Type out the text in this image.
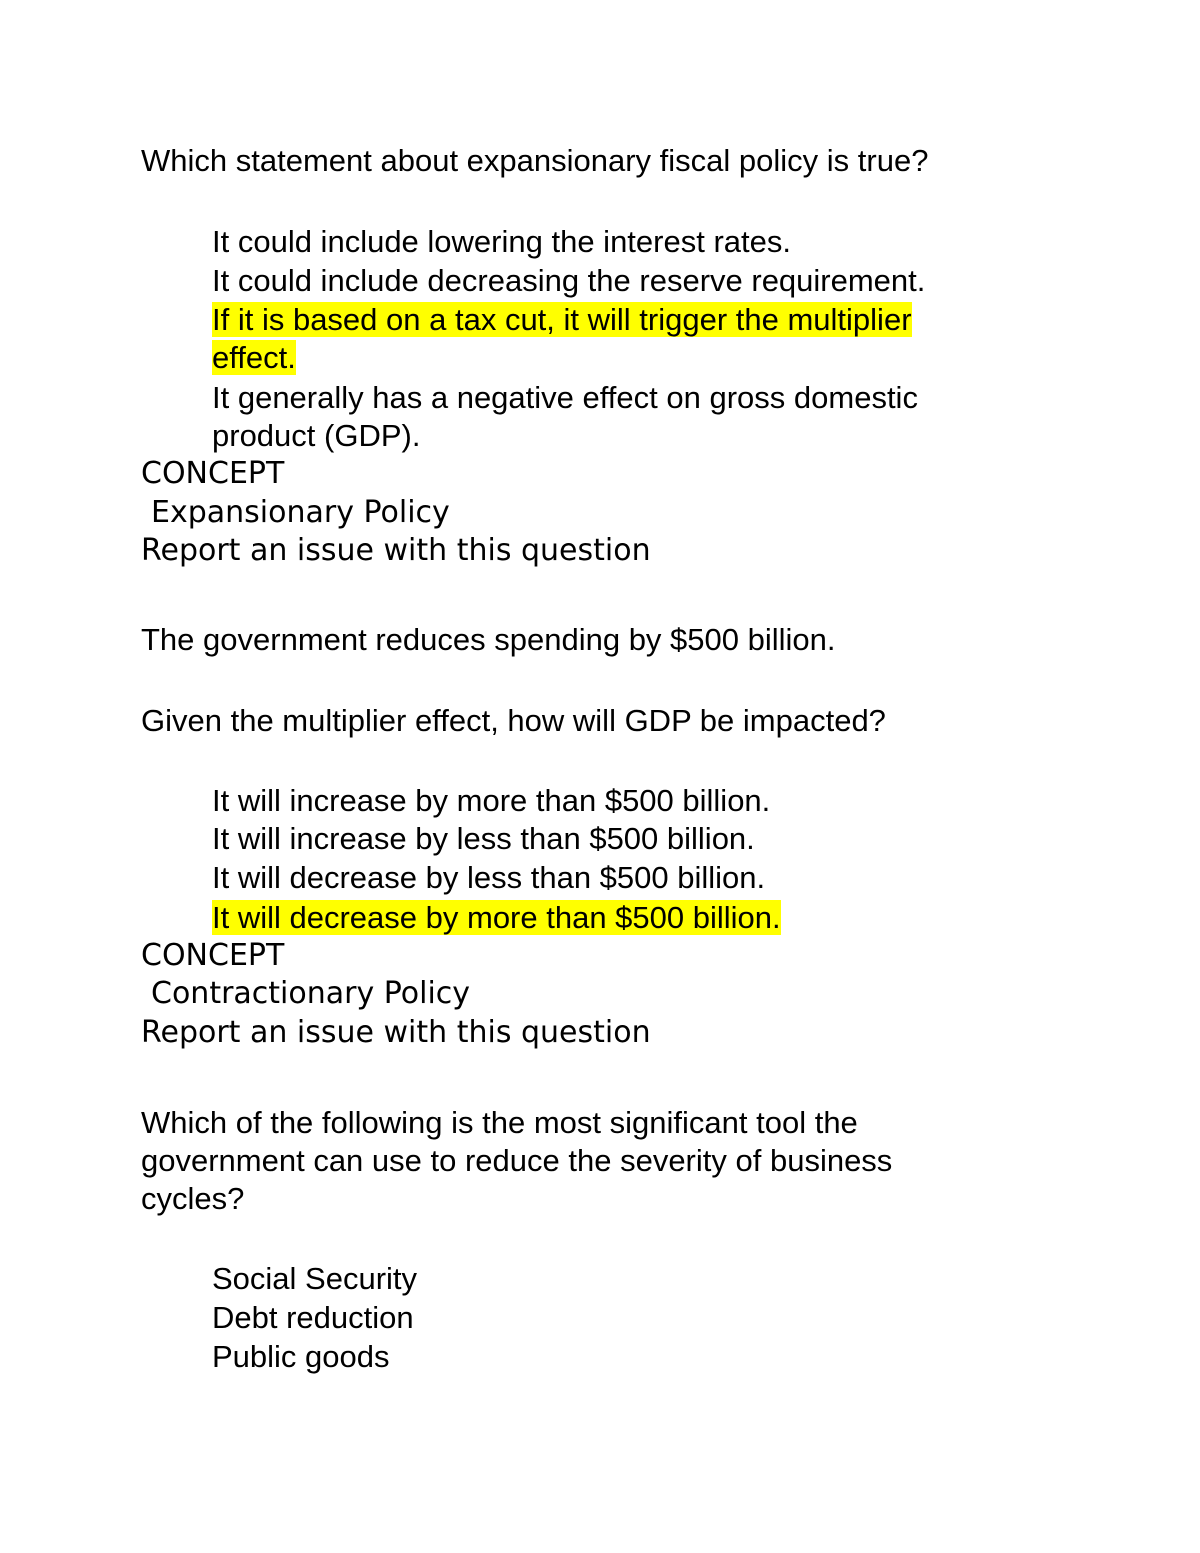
Which statement about expansionary fiscal policy is true?
It could include lowering the interest rates.
It could include decreasing the reserve requirement.
If it is based on a tax cut, it will trigger the multiplier
effect.
It generally has a negative effect on gross domestic
product (GDP).
CONCEPT
Expansionary Policy
Report an issue with this question
The government reduces spending by $500 billion.
Given the multiplier effect, how will GDP be impacted?
It will increase by more than $500 billion.
It will increase by less than $500 billion.
It will decrease by less than $500 billion.
It will decrease by more than $500 billion.
CONCEPT
Contractionary Policy
Report an issue with this question
Which of the following is the most significant tool the
government can use to reduce the severity of business
cycles?
Social Security
Debt reduction
Public goods
